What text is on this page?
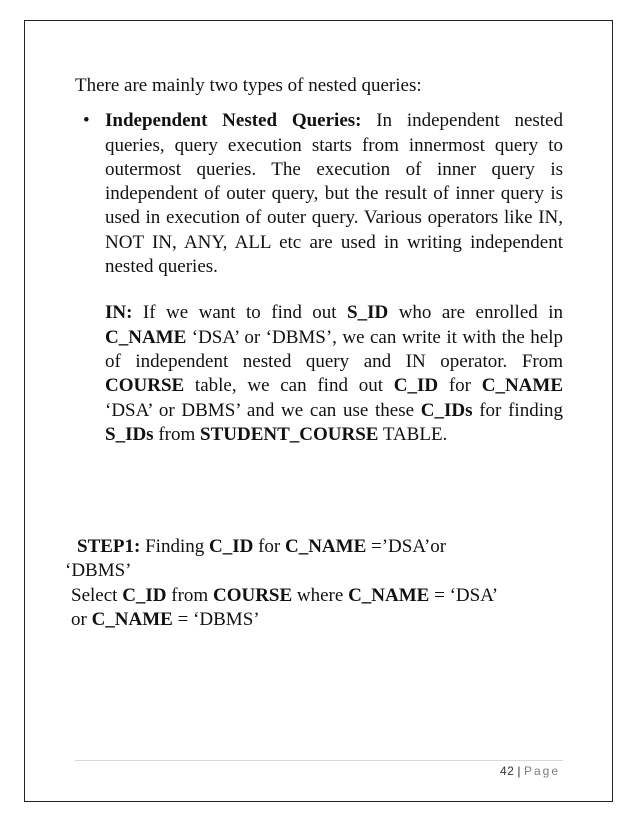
There are mainly two types of nested queries:

• Independent Nested Queries: In independent nested queries, query execution starts from innermost query to outermost queries. The execution of inner query is independent of outer query, but the result of inner query is used in execution of outer query. Various operators like IN, NOT IN, ANY, ALL etc are used in writing independent nested queries.

IN: If we want to find out S_ID who are enrolled in C_NAME ‘DSA’ or ‘DBMS’, we can write it with the help of independent nested query and IN operator. From COURSE table, we can find out C_ID for C_NAME ‘DSA’ or DBMS’ and we can use these C_IDs for finding S_IDs from STUDENT_COURSE TABLE.

STEP1: Finding C_ID for C_NAME =’DSA’or

‘DBMS’

Select C_ID from COURSE where C_NAME = ‘DSA’

or C_NAME = ‘DBMS’

42 | Page
